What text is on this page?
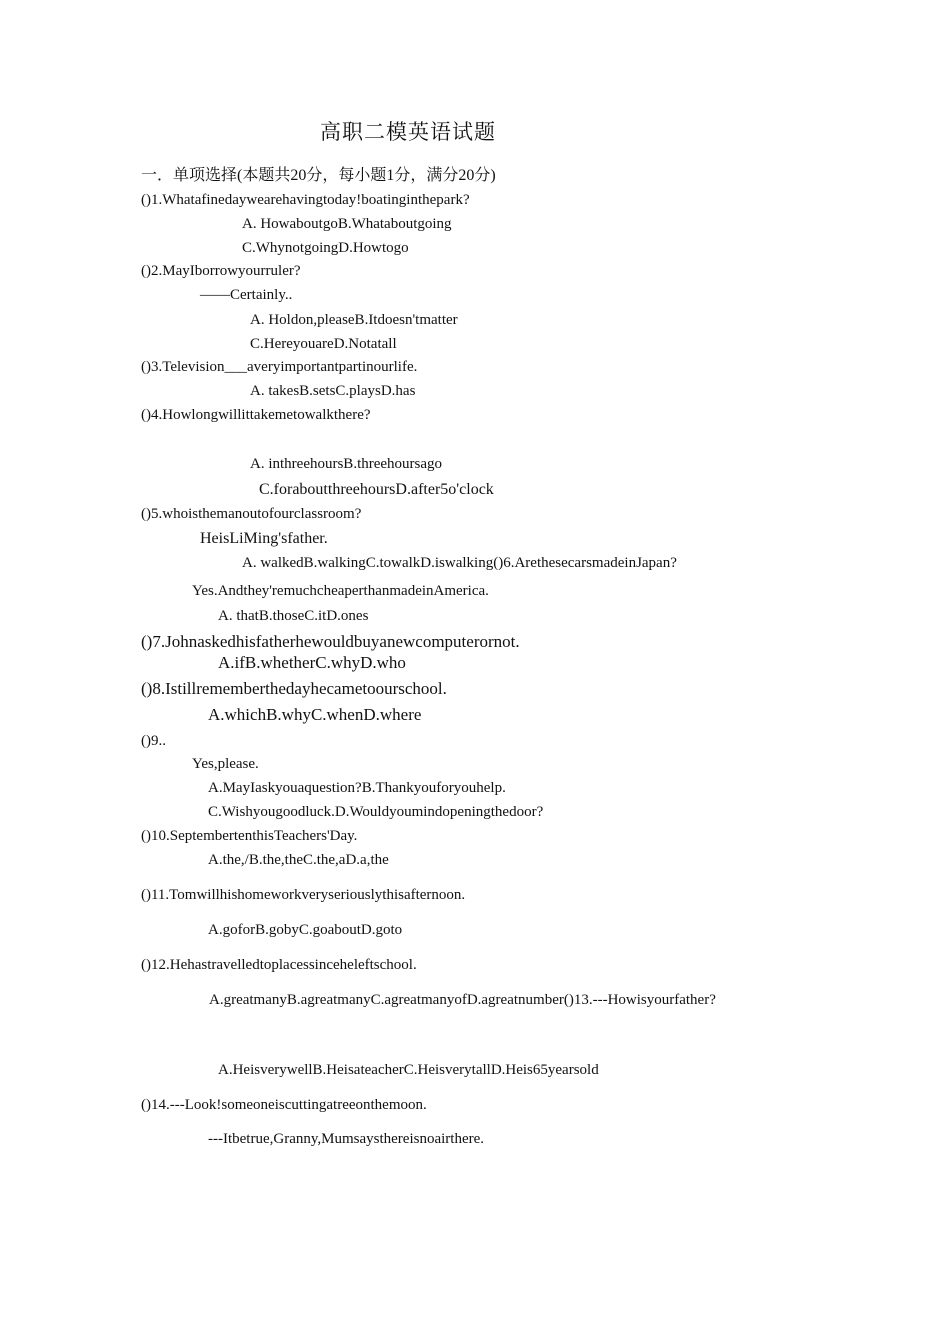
高职二模英语试题
一．单项选择(本题共20分，每小题1分，满分20分)
()1.Whatafinedaywearehavingtoday!boatinginthepark?
A. HowaboutgoB.Whataboutgoing
C.WhynotgoingD.Howtogo
()2.MayIborrowyourruler?
——Certainly..
A. Holdon,pleaseB.Itdoesn'tmatter
C.HereyouareD.Notatall
()3.Television___averyimportantpartinourlife.
A. takesB.setsC.playsD.has
()4.Howlongwillittakemetowalkthere?
A. inthreehoursB.threehoursago
C.foraboutthreehoursD.after5o'clock
()5.whoisthemanoutofourclassroom?
HeisLiMing'sfather.
A. walkedB.walkingC.towalkD.iswalking()6.ArethesecarsmadeinJapan?
Yes.Andthey'remuchcheaperthanmadeinAmerica.
A. thatB.thoseC.itD.ones
()7.Johnaskedhisfatherhewouldbuyanewcomputerornot.
A.ifB.whetherC.whyD.who
()8.Istillrememberthedayhecametoourschool.
A.whichB.whyC.whenD.where
()9..
Yes,please.
A.MayIaskyouaquestion?B.Thankyouforyouhelp.
C.Wishyougoodluck.D.Wouldyoumindopeningthedoor?
()10.SeptembertenthisTeachers'Day.
A.the,/B.the,theC.the,aD.a,the
()11.Tomwillhishomeworkveryseriouslythisafternoon.
A.goforB.gobyC.goaboutD.goto
()12.Hehastravelledtoplacessinceheleftschool.
A.greatmanyB.agreatmanyC.agreatmanyofD.agreatnumber()13.---Howisyourfather?
A.HeisverywellB.HeisateacherC.HeisverytallD.Heis65yearsold
()14.---Look!someoneiscuttingatreeonthemoon.
---Itbetrue,Granny,Mumsaysthereisnoairthere.
